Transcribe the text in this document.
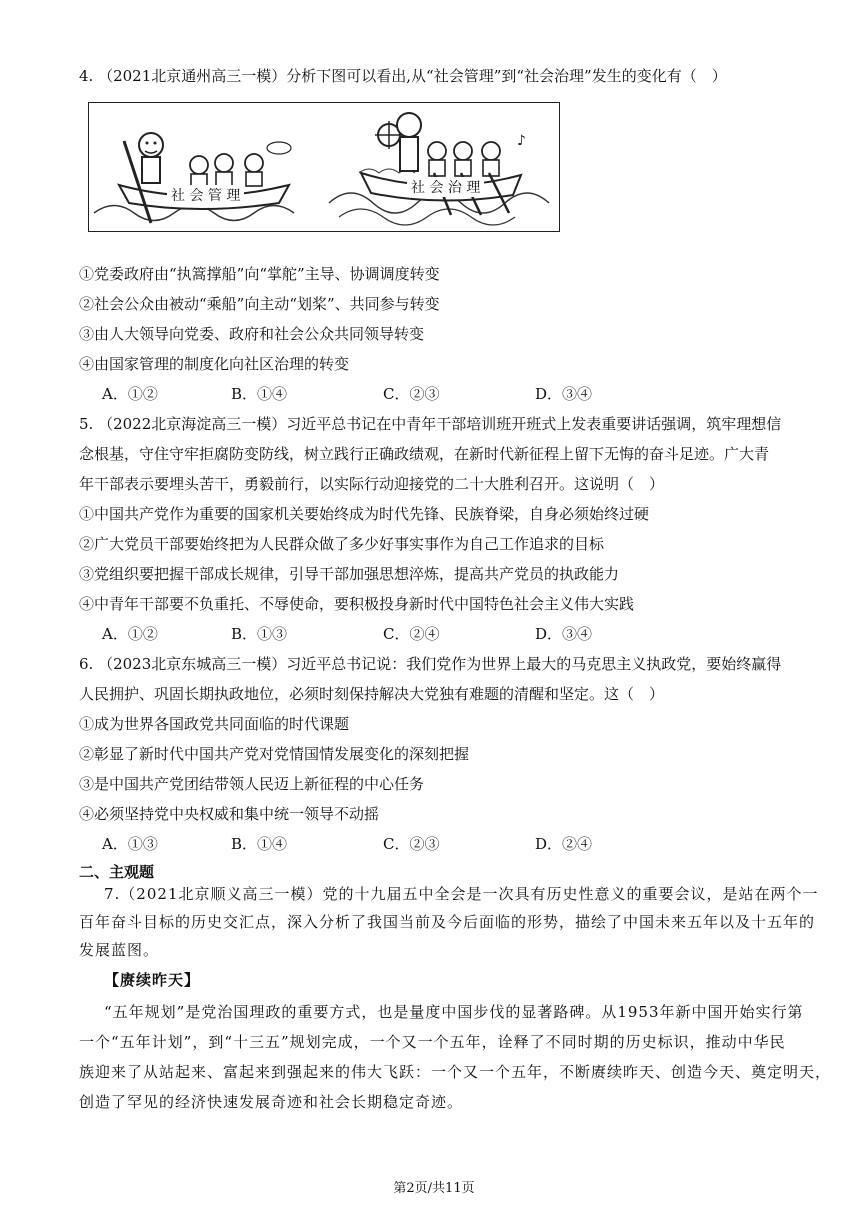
4. （2021北京通州高三一模）分析下图可以看出,从“社会管理”到“社会治理”发生的变化有（　）
♪
社 会 管 理	社 会 治 理
①党委政府由“执篙撑船”向“掌舵”主导、协调调度转变
②社会公众由被动“乘船”向主动“划桨”、共同参与转变
③由人大领导向党委、政府和社会公众共同领导转变
④由国家管理的制度化向社区治理的转变
A．①②	B．①④	C．②③	D．③④
5. （2022北京海淀高三一模）习近平总书记在中青年干部培训班开班式上发表重要讲话强调，筑牢理想信
念根基，守住守牢拒腐防变防线，树立践行正确政绩观，在新时代新征程上留下无悔的奋斗足迹。广大青
年干部表示要埋头苦干，勇毅前行，以实际行动迎接党的二十大胜利召开。这说明（　）
①中国共产党作为重要的国家机关要始终成为时代先锋、民族脊梁，自身必须始终过硬
②广大党员干部要始终把为人民群众做了多少好事实事作为自己工作追求的目标
③党组织要把握干部成长规律，引导干部加强思想淬炼，提高共产党员的执政能力
④中青年干部要不负重托、不辱使命，要积极投身新时代中国特色社会主义伟大实践
A．①②	B．①③	C．②④	D．③④
6. （2023北京东城高三一模）习近平总书记说：我们党作为世界上最大的马克思主义执政党，要始终赢得
人民拥护、巩固长期执政地位，必须时刻保持解决大党独有难题的清醒和坚定。这（　）
①成为世界各国政党共同面临的时代课题
②彰显了新时代中国共产党对党情国情发展变化的深刻把握
③是中国共产党团结带领人民迈上新征程的中心任务
④必须坚持党中央权威和集中统一领导不动摇
A．①③	B．①④	C．②③	D．②④
二、主观题
7.（2021北京顺义高三一模）党的十九届五中全会是一次具有历史性意义的重要会议，是站在两个一
百年奋斗目标的历史交汇点，深入分析了我国当前及今后面临的形势，描绘了中国未来五年以及十五年的
发展蓝图。
【赓续昨天】
“五年规划”是党治国理政的重要方式，也是量度中国步伐的显著路碑。从1953年新中国开始实行第
一个“五年计划”，到“十三五”规划完成，一个又一个五年，诠释了不同时期的历史标识，推动中华民
族迎来了从站起来、富起来到强起来的伟大飞跃：一个又一个五年，不断赓续昨天、创造今天、奠定明天，
创造了罕见的经济快速发展奇迹和社会长期稳定奇迹。
第2页/共11页
